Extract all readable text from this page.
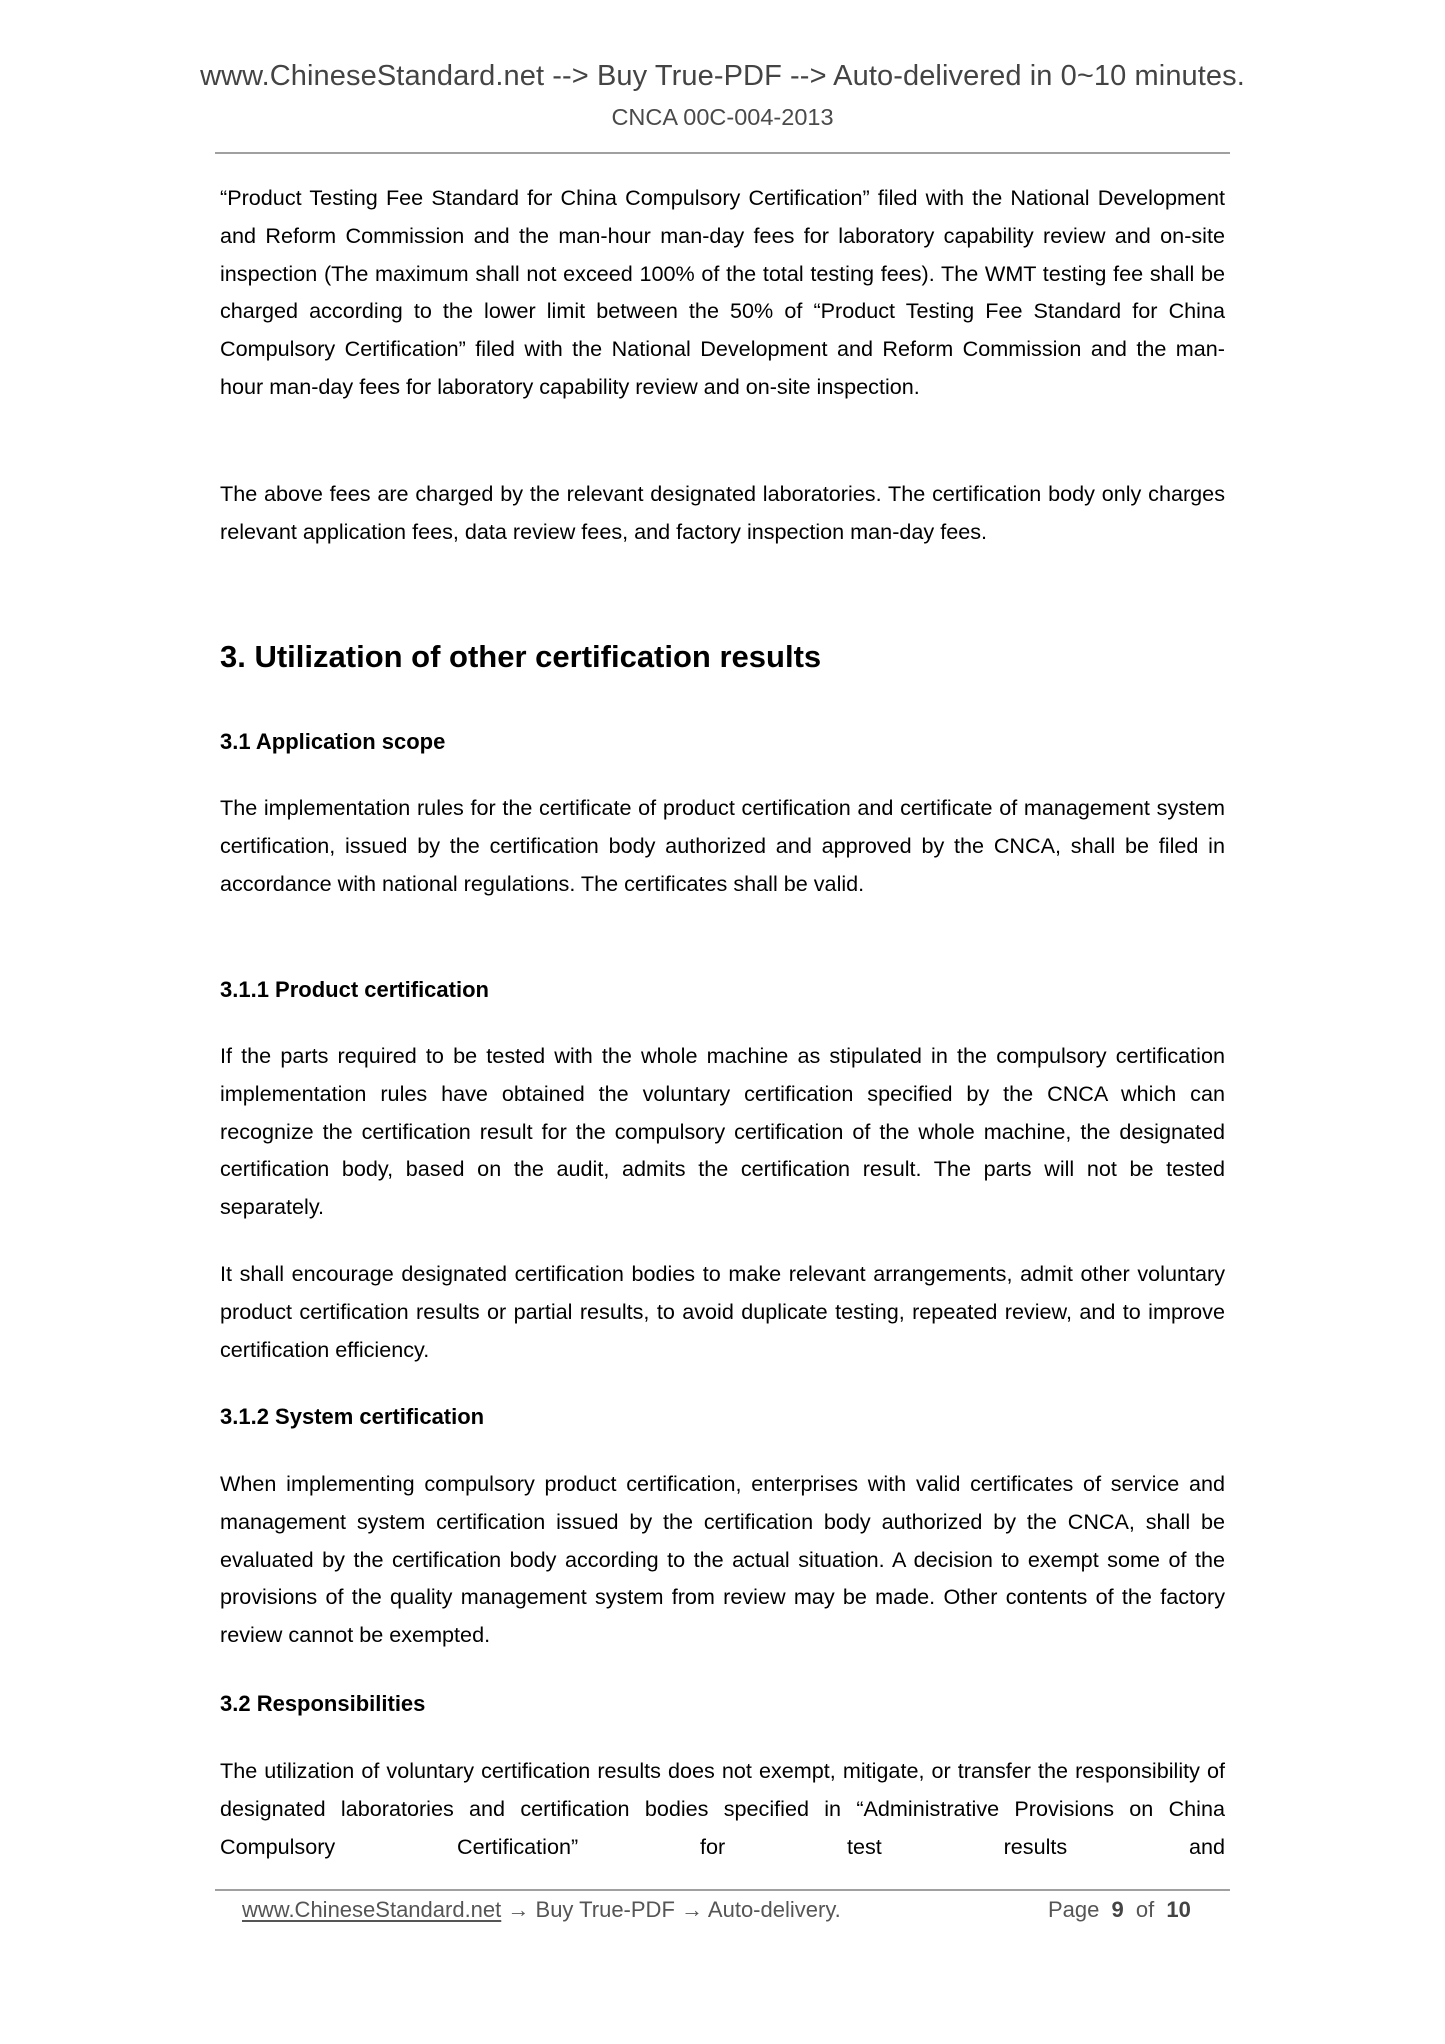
www.ChineseStandard.net --> Buy True-PDF --> Auto-delivered in 0~10 minutes.
CNCA 00C-004-2013

“Product Testing Fee Standard for China Compulsory Certification” filed with the National Development and Reform Commission and the man-hour man-day fees for laboratory capability review and on-site inspection (The maximum shall not exceed 100% of the total testing fees). The WMT testing fee shall be charged according to the lower limit between the 50% of “Product Testing Fee Standard for China Compulsory Certification” filed with the National Development and Reform Commission and the man-hour man-day fees for laboratory capability review and on-site inspection.

The above fees are charged by the relevant designated laboratories. The certification body only charges relevant application fees, data review fees, and factory inspection man-day fees.

3. Utilization of other certification results
3.1 Application scope

The implementation rules for the certificate of product certification and certificate of management system certification, issued by the certification body authorized and approved by the CNCA, shall be filed in accordance with national regulations. The certificates shall be valid.

3.1.1 Product certification

If the parts required to be tested with the whole machine as stipulated in the compulsory certification implementation rules have obtained the voluntary certification specified by the CNCA which can recognize the certification result for the compulsory certification of the whole machine, the designated certification body, based on the audit, admits the certification result. The parts will not be tested separately.

It shall encourage designated certification bodies to make relevant arrangements, admit other voluntary product certification results or partial results, to avoid duplicate testing, repeated review, and to improve certification efficiency.

3.1.2 System certification

When implementing compulsory product certification, enterprises with valid certificates of service and management system certification issued by the certification body authorized by the CNCA, shall be evaluated by the certification body according to the actual situation. A decision to exempt some of the provisions of the quality management system from review may be made. Other contents of the factory review cannot be exempted.

3.2 Responsibilities

The utilization of voluntary certification results does not exempt, mitigate, or transfer the responsibility of designated laboratories and certification bodies specified in “Administrative Provisions on China Compulsory Certification” for test results and

www.ChineseStandard.net → Buy True-PDF → Auto-delivery.	Page 9 of 10
